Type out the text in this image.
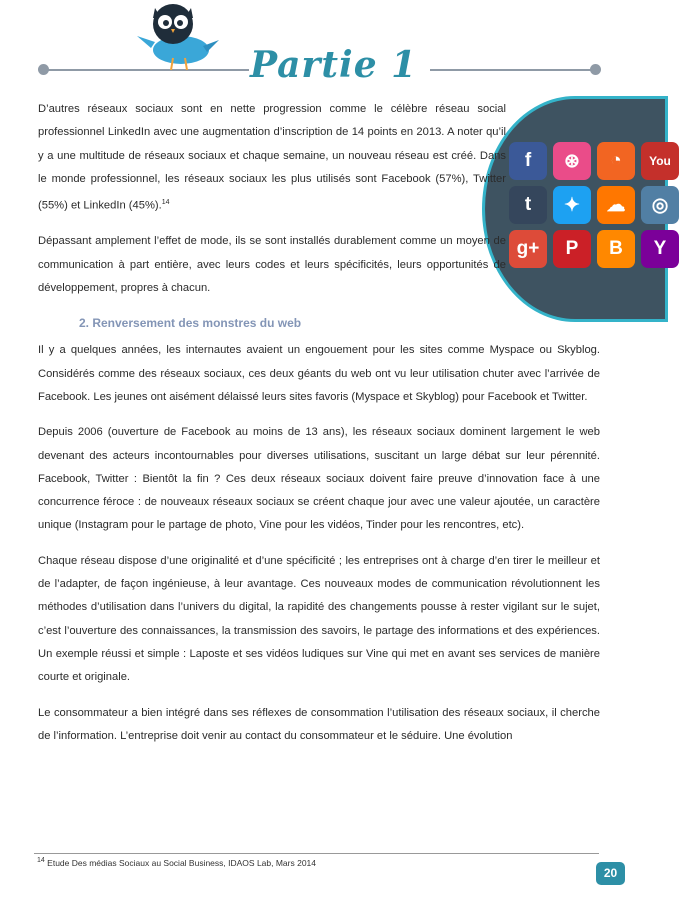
Partie 1
f	⊛	◔	You
t	✦	☁	◎
g+	P	B	Y

D’autres réseaux sociaux sont en nette progression comme le célèbre réseau social professionnel LinkedIn avec une augmentation d’inscription de 14 points en 2013. A noter qu’il y a une multitude de réseaux sociaux et chaque semaine, un nouveau réseau est créé. Dans le monde professionnel, les réseaux sociaux les plus utilisés sont Facebook (57%), Twitter (55%) et LinkedIn (45%).$^{14}$

Dépassant amplement l’effet de mode, ils se sont installés durablement comme un moyen de communication à part entière, avec leurs codes et leurs spécificités, leurs opportunités de développement, propres à chacun.

2. Renversement des monstres du web

Il y a quelques années, les internautes avaient un engouement pour les sites comme Myspace ou Skyblog. Considérés comme des réseaux sociaux, ces deux géants du web ont vu leur utilisation chuter avec l’arrivée de Facebook. Les jeunes ont aisément délaissé leurs sites favoris (Myspace et Skyblog) pour Facebook et Twitter.

Depuis 2006 (ouverture de Facebook au moins de 13 ans), les réseaux sociaux dominent largement le web devenant des acteurs incontournables pour diverses utilisations, suscitant un large débat sur leur pérennité. Facebook, Twitter : Bientôt la fin ? Ces deux réseaux sociaux doivent faire preuve d’innovation face à une concurrence féroce : de nouveaux réseaux sociaux se créent chaque jour avec une valeur ajoutée, un caractère unique (Instagram pour le partage de photo, Vine pour les vidéos, Tinder pour les rencontres, etc).

Chaque réseau dispose d’une originalité et d’une spécificité ; les entreprises ont à charge d’en tirer le meilleur et de l’adapter, de façon ingénieuse, à leur avantage. Ces nouveaux modes de communication révolutionnent les méthodes d’utilisation dans l’univers du digital, la rapidité des changements pousse à rester vigilant sur le sujet, c’est l’ouverture des connaissances, la transmission des savoirs, le partage des informations et des expériences. Un exemple réussi et simple : Laposte et ses vidéos ludiques sur Vine qui met en avant ses services de manière courte et originale.

Le consommateur a bien intégré dans ses réflexes de consommation l’utilisation des réseaux sociaux, il cherche de l’information. L’entreprise doit venir au contact du consommateur et le séduire. Une évolution

$^{14}$ Etude Des médias Sociaux au Social Business, IDAOS Lab, Mars 2014
20
